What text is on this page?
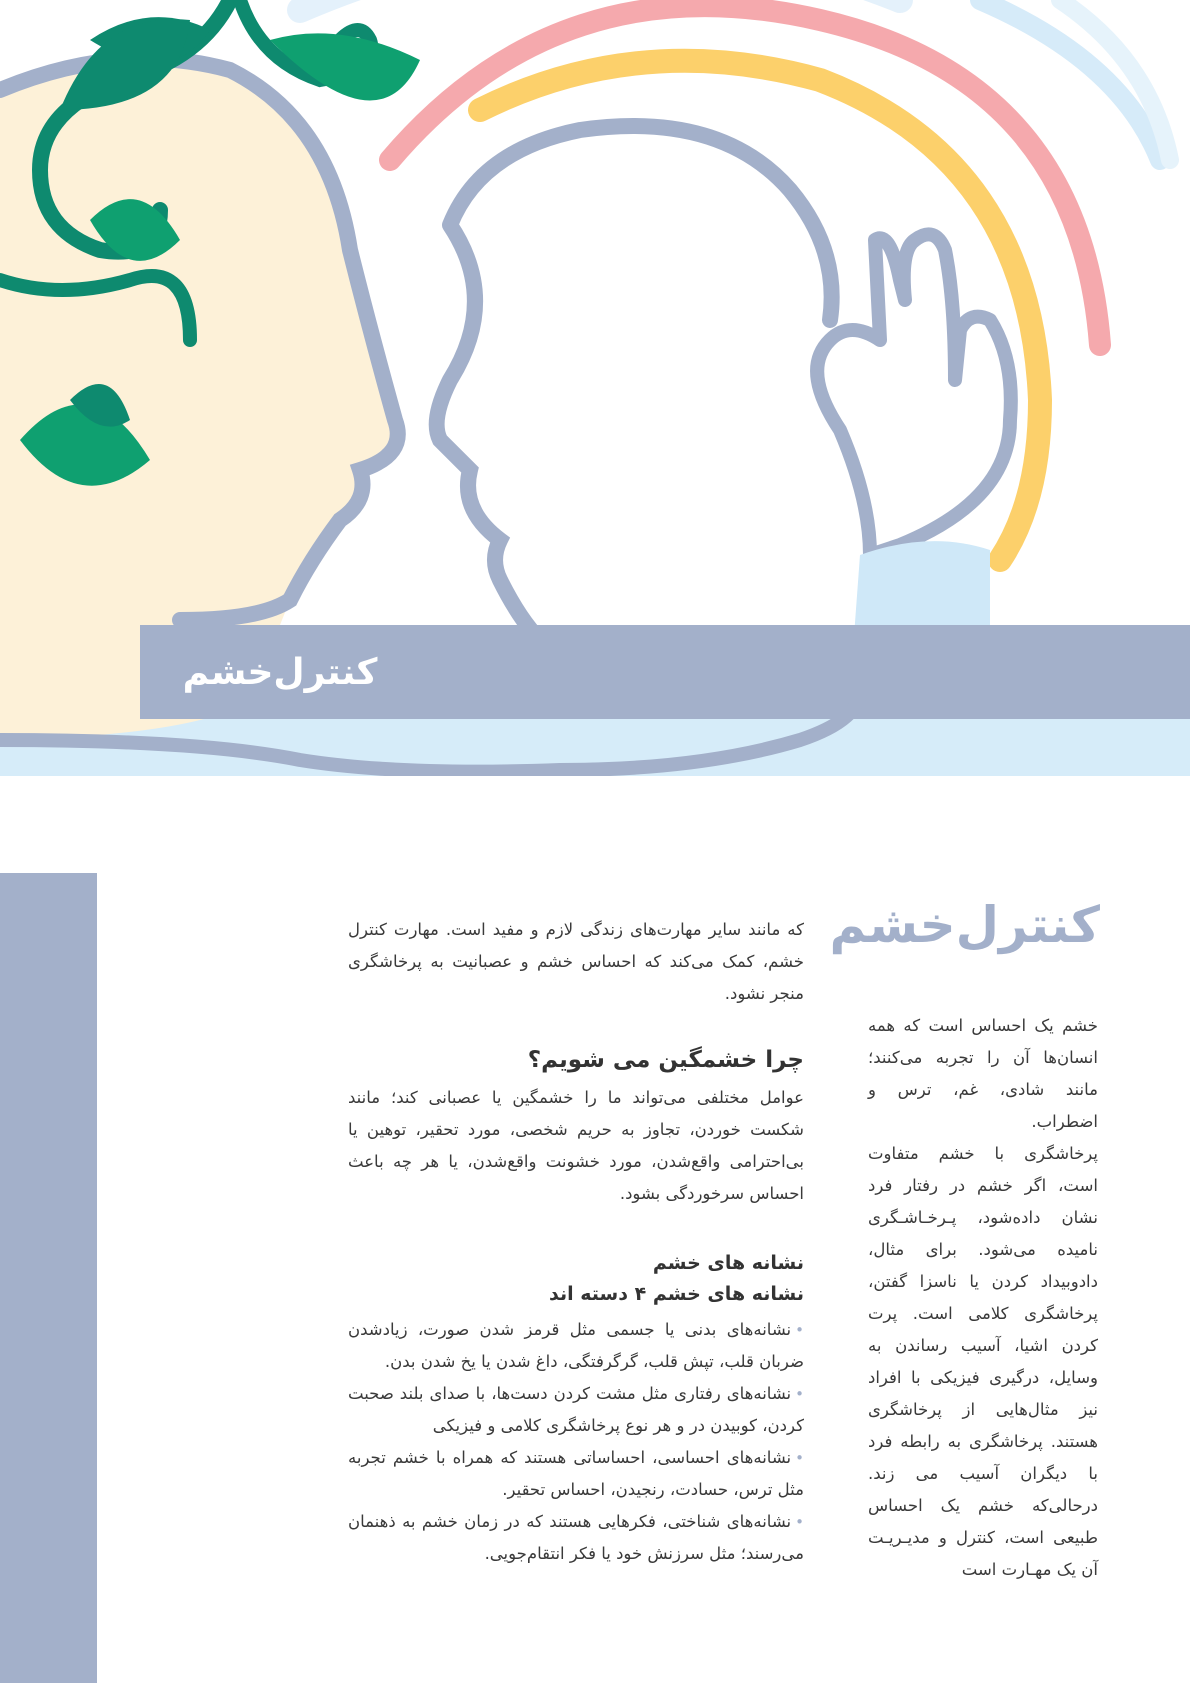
کنترل‌خشم
کنترل‌خشم

خشم یک احساس است که همه انسان‌ها آن را تجربه می‌کنند؛ مانند شادی، غم، ترس و اضطراب.

پرخاشگری با خشم متفاوت است، اگر خشم در رفتار فرد نشان داده‌شود، پـرخـاشـگری نامیده می‌شود. برای مثال، دادوبیداد کردن یا ناسزا گفتن، پرخاشگری کلامی است. پرت کردن اشیا، آسیب رساندن به وسایل، درگیری فیزیکی با افراد نیز مثال‌هایی از پرخاشگری هستند. پرخاشگری به رابطه فرد با دیگران آسیب می زند. درحالی‌که خشم یک احساس طبیعی است، کنترل و مدیـریـت آن یک مهـارت است

که مانند سایر مهارت‌های زندگی لازم و مفید است. مهارت کنترل خشم، کمک می‌کند که احساس خشم و عصبانیت به پرخاشگری منجر نشود.

چرا خشمگین می شویم؟

عوامل مختلفی می‌تواند ما را خشمگین یا عصبانی کند؛ مانند شکست خوردن، تجاوز به حریم شخصی، مورد تحقیر، توهین یا بی‌احترامی واقع‌شدن، مورد خشونت واقع‌شدن، یا هر چه باعث احساس سرخوردگی بشود.

نشانه های خشم
نشانه های خشم ۴ دسته اند
•نشانه‌های بدنی یا جسمی مثل قرمز شدن صورت، زیادشدن ضربان قلب، تپش قلب، گرگرفتگی، داغ شدن یا یخ شدن بدن.
•نشانه‌های رفتاری مثل مشت کردن دست‌ها، با صدای بلند صحبت کردن، کوبیدن در و هر نوع پرخاشگری کلامی و فیزیکی
•نشانه‌های احساسی، احساساتی هستند که همراه با خشم تجربه مثل ترس، حسادت، رنجیدن، احساس تحقیر.
•نشانه‌های شناختی، فکرهایی هستند که در زمان خشم به ذهنمان می‌رسند؛ مثل سرزنش خود یا فکر انتقام‌جویی.
